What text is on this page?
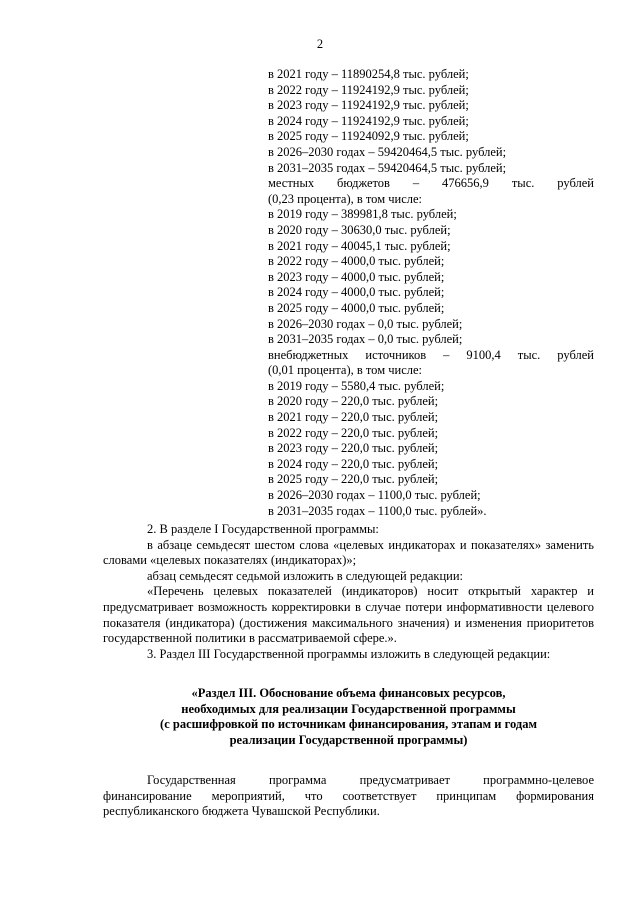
2
в 2021 году – 11890254,8 тыс. рублей;
в 2022 году – 11924192,9 тыс. рублей;
в 2023 году – 11924192,9 тыс. рублей;
в 2024 году – 11924192,9 тыс. рублей;
в 2025 году – 11924092,9 тыс. рублей;
в 2026–2030 годах – 59420464,5 тыс. рублей;
в 2031–2035 годах – 59420464,5 тыс. рублей;
местных бюджетов – 476656,9 тыс. рублей
(0,23 процента), в том числе:
в 2019 году – 389981,8 тыс. рублей;
в 2020 году – 30630,0 тыс. рублей;
в 2021 году – 40045,1 тыс. рублей;
в 2022 году – 4000,0 тыс. рублей;
в 2023 году – 4000,0 тыс. рублей;
в 2024 году – 4000,0 тыс. рублей;
в 2025 году – 4000,0 тыс. рублей;
в 2026–2030 годах – 0,0 тыс. рублей;
в 2031–2035 годах – 0,0 тыс. рублей;
внебюджетных источников – 9100,4 тыс. рублей
(0,01 процента), в том числе:
в 2019 году – 5580,4 тыс. рублей;
в 2020 году – 220,0 тыс. рублей;
в 2021 году – 220,0 тыс. рублей;
в 2022 году – 220,0 тыс. рублей;
в 2023 году – 220,0 тыс. рублей;
в 2024 году – 220,0 тыс. рублей;
в 2025 году – 220,0 тыс. рублей;
в 2026–2030 годах – 1100,0 тыс. рублей;
в 2031–2035 годах – 1100,0 тыс. рублей».

2. В разделе I Государственной программы:

в абзаце семьдесят шестом слова «целевых индикаторах и показателях» заменить словами «целевых показателях (индикаторах)»;

абзац семьдесят седьмой изложить в следующей редакции:

«Перечень целевых показателей (индикаторов) носит открытый характер и предусматривает возможность корректировки в случае потери информативности целевого показателя (индикатора) (достижения максимального значения) и изменения приоритетов государственной политики в рассматриваемой сфере.».

3. Раздел III Государственной программы изложить в следующей редакции:

«Раздел III. Обоснование объема финансовых ресурсов,
необходимых для реализации Государственной программы
(с расшифровкой по источникам финансирования, этапам и годам
реализации Государственной программы)

Государственная программа предусматривает программно-целевое финансирование мероприятий, что соответствует принципам формирования республиканского бюджета Чувашской Республики.
